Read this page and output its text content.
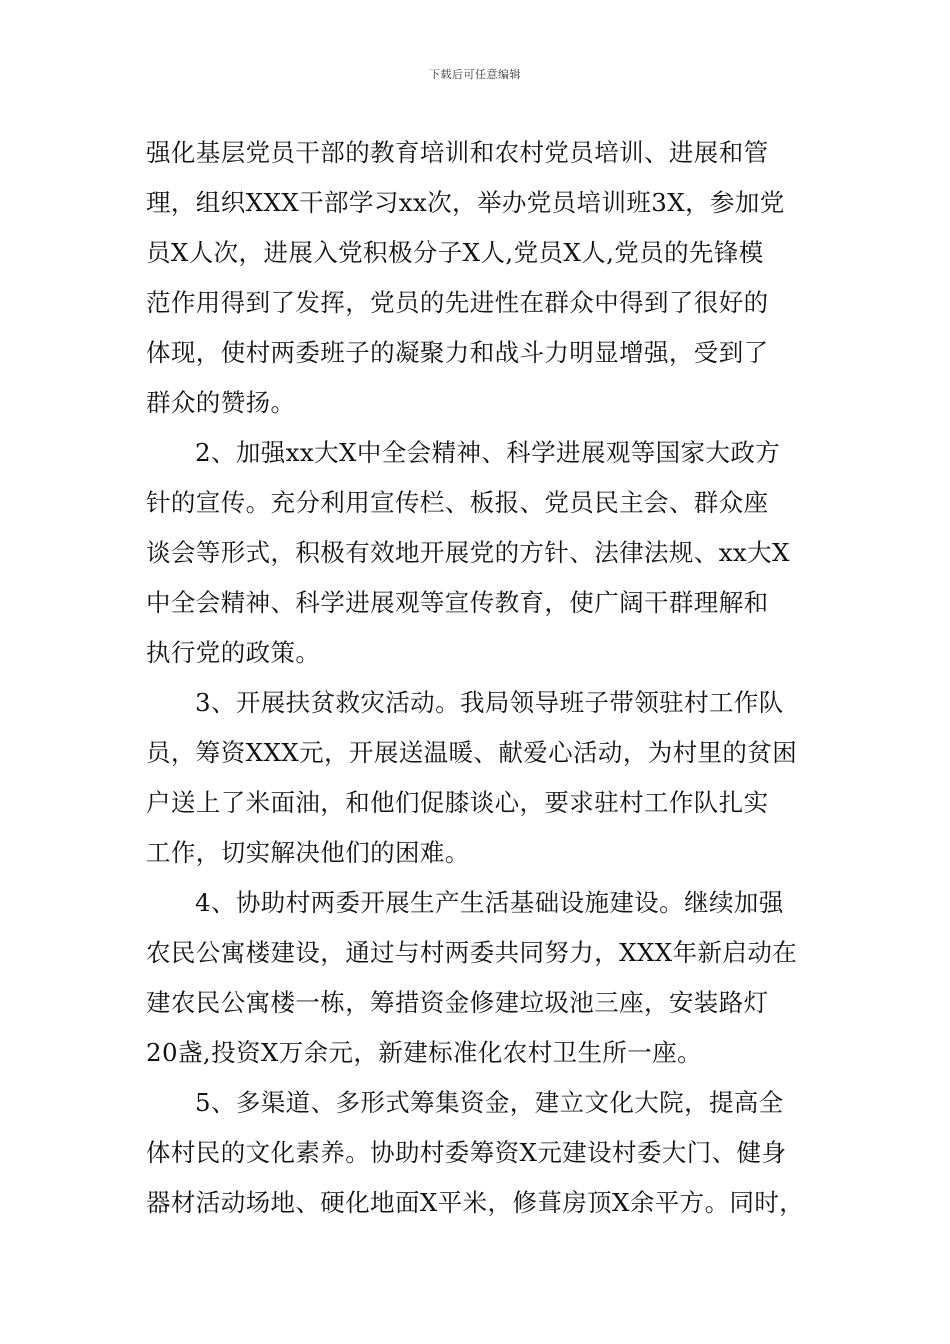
下载后可任意编辑
强化基层党员干部的教育培训和农村党员培训、进展和管
理，组织XXX干部学习xx次，举办党员培训班3X，参加党
员X人次，进展入党积极分子X人,党员X人,党员的先锋模
范作用得到了发挥，党员的先进性在群众中得到了很好的
体现，使村两委班子的凝聚力和战斗力明显增强，受到了
群众的赞扬。
2、加强xx大X中全会精神、科学进展观等国家大政方
针的宣传。充分利用宣传栏、板报、党员民主会、群众座
谈会等形式，积极有效地开展党的方针、法律法规、xx大X
中全会精神、科学进展观等宣传教育，使广阔干群理解和
执行党的政策。
3、开展扶贫救灾活动。我局领导班子带领驻村工作队
员，筹资XXX元，开展送温暖、献爱心活动，为村里的贫困
户送上了米面油，和他们促膝谈心，要求驻村工作队扎实
工作，切实解决他们的困难。
4、协助村两委开展生产生活基础设施建设。继续加强
农民公寓楼建设，通过与村两委共同努力，XXX年新启动在
建农民公寓楼一栋，筹措资金修建垃圾池三座，安装路灯
20盏,投资X万余元，新建标准化农村卫生所一座。
5、多渠道、多形式筹集资金，建立文化大院，提高全
体村民的文化素养。协助村委筹资X元建设村委大门、健身
器材活动场地、硬化地面X平米，修葺房顶X余平方。同时，
